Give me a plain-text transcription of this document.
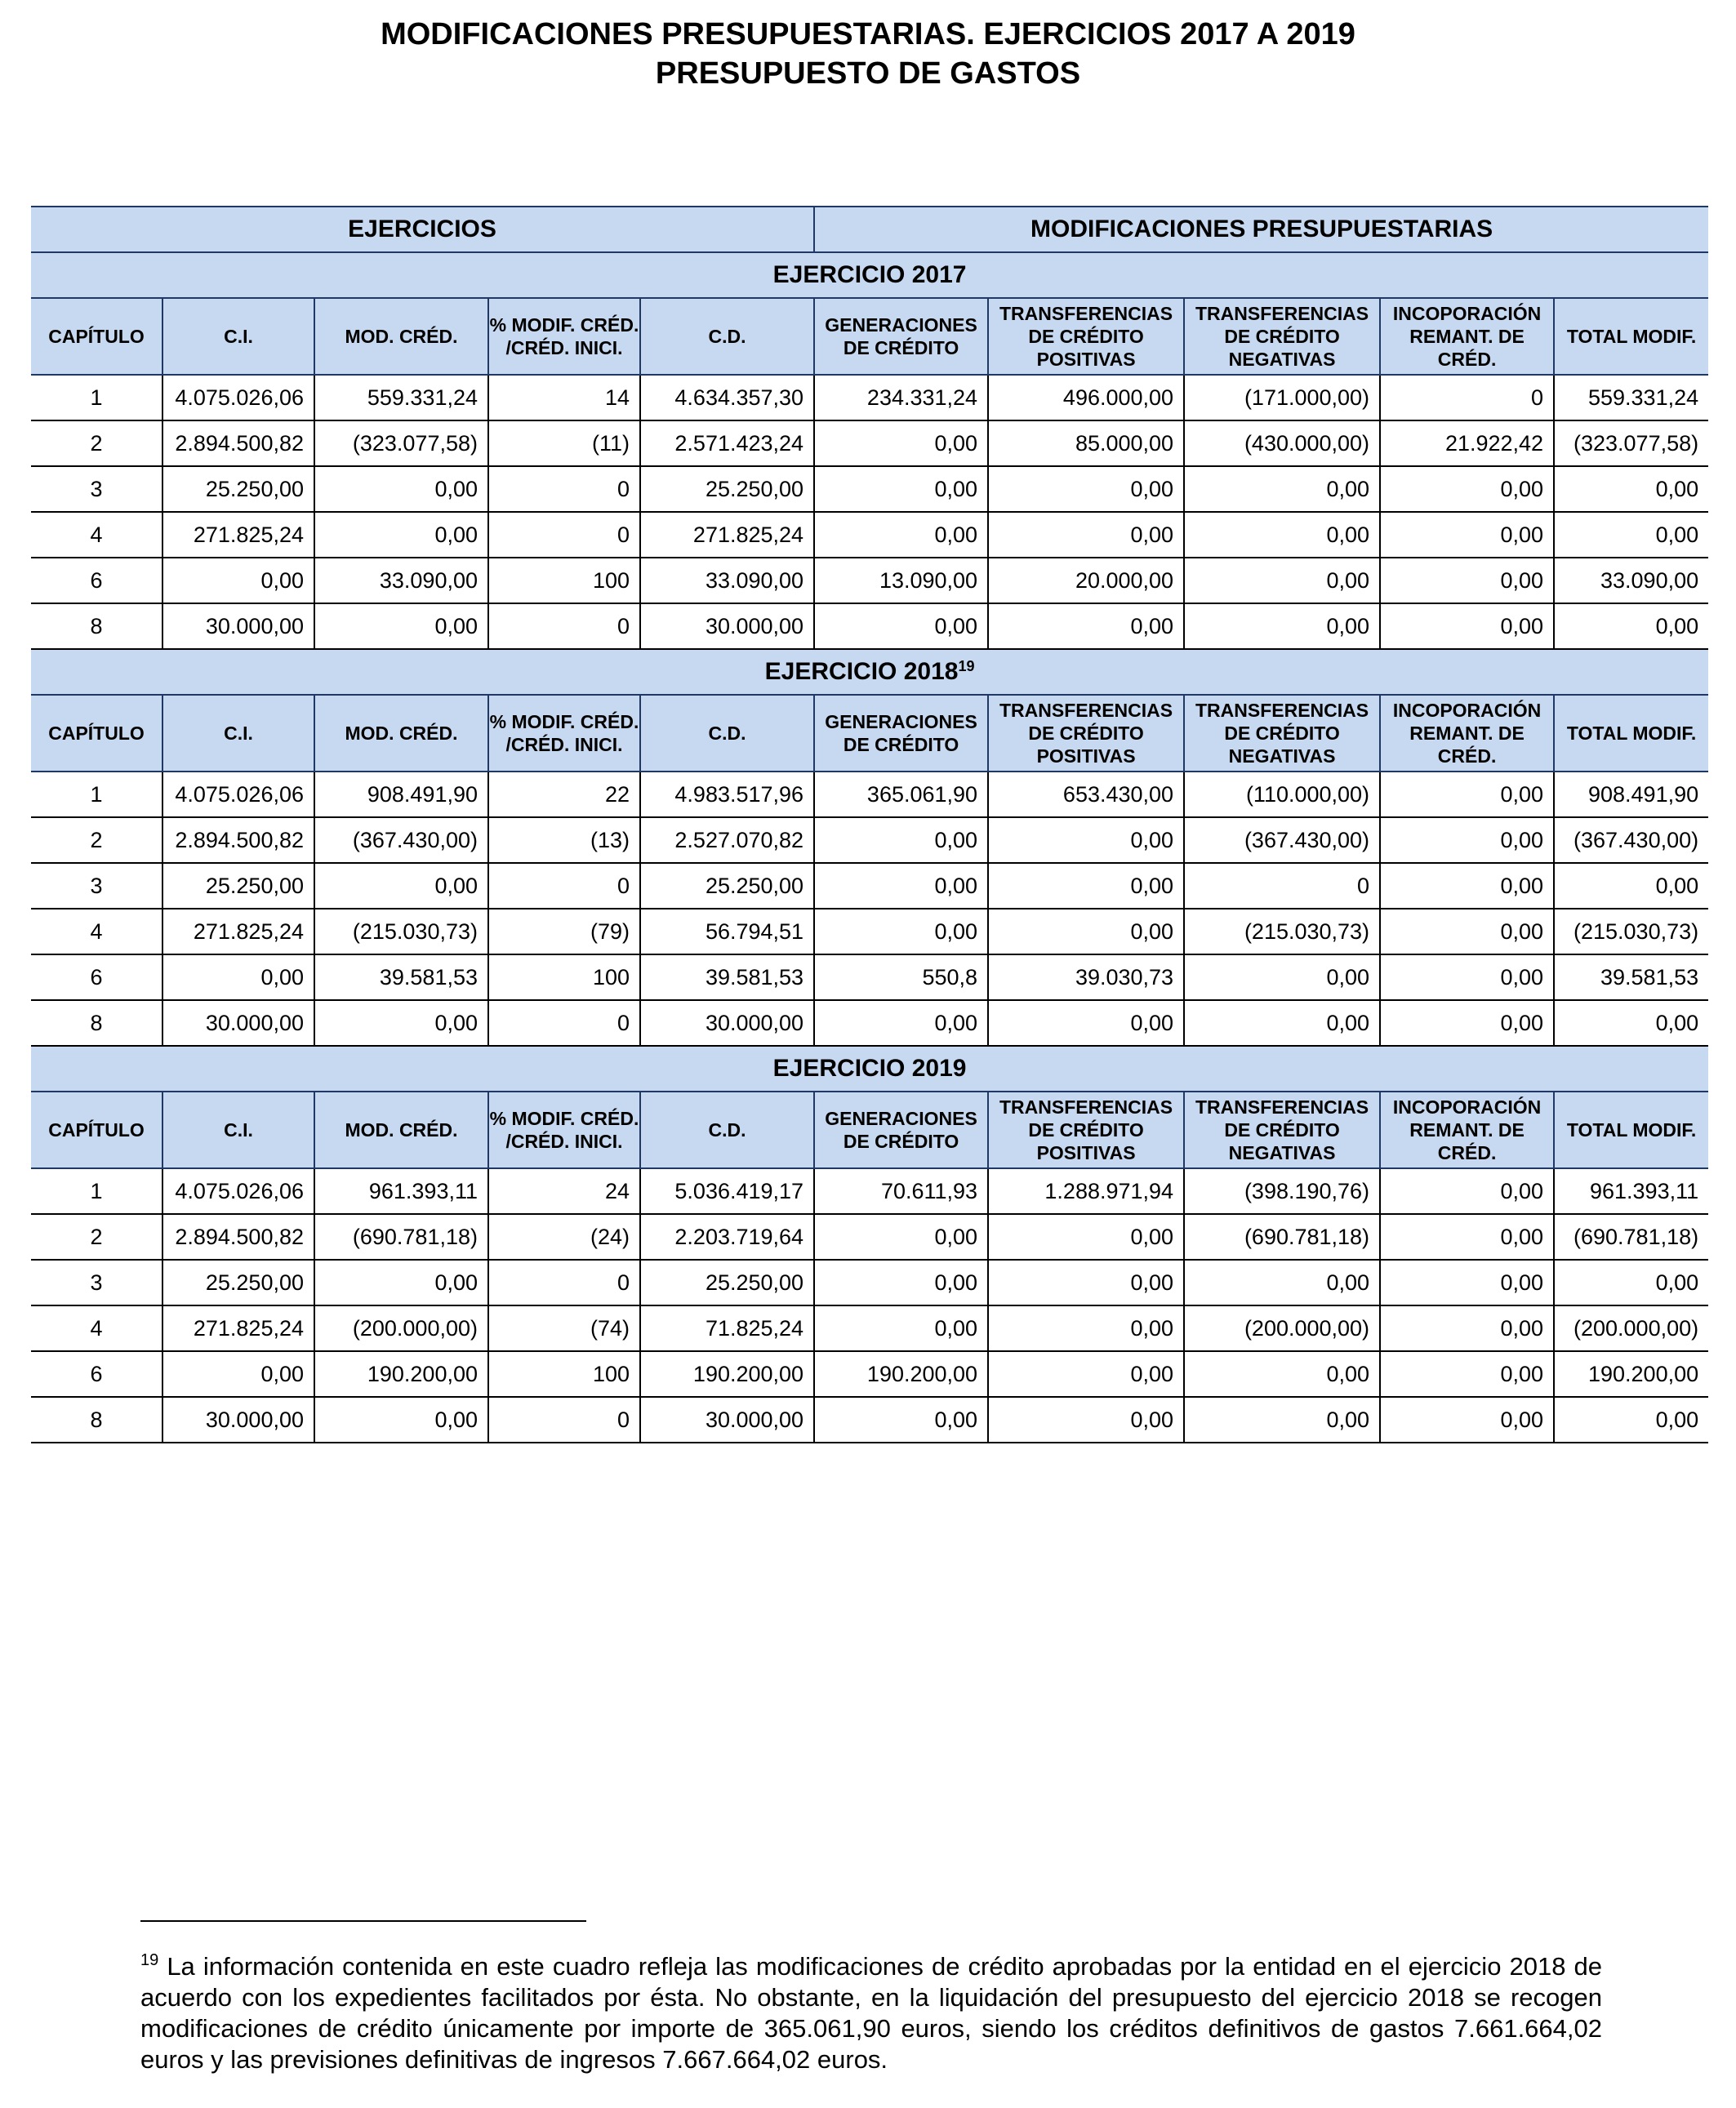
MODIFICACIONES PRESUPUESTARIAS. EJERCICIOS 2017 A 2019
PRESUPUESTO DE GASTOS
EJERCICIOS					MODIFICACIONES PRESUPUESTARIAS				
EJERCICIO 2017									
CAPÍTULO	C.I.	MOD. CRÉD.	% MODIF. CRÉD. /CRÉD. INICI.	C.D.	GENERACIONES DE CRÉDITO	TRANSFERENCIAS DE CRÉDITO POSITIVAS	TRANSFERENCIAS DE CRÉDITO NEGATIVAS	INCOPORACIÓN REMANT. DE CRÉD.	TOTAL MODIF.
1	4.075.026,06	559.331,24	14	4.634.357,30	234.331,24	496.000,00	(171.000,00)	0	559.331,24
2	2.894.500,82	(323.077,58)	(11)	2.571.423,24	0,00	85.000,00	(430.000,00)	21.922,42	(323.077,58)
3	25.250,00	0,00	0	25.250,00	0,00	0,00	0,00	0,00	0,00
4	271.825,24	0,00	0	271.825,24	0,00	0,00	0,00	0,00	0,00
6	0,00	33.090,00	100	33.090,00	13.090,00	20.000,00	0,00	0,00	33.090,00
8	30.000,00	0,00	0	30.000,00	0,00	0,00	0,00	0,00	0,00
EJERCICIO 2018$^{19}$
CAPÍTULO	C.I.	MOD. CRÉD.	% MODIF. CRÉD. /CRÉD. INICI.	C.D.	GENERACIONES DE CRÉDITO	TRANSFERENCIAS DE CRÉDITO POSITIVAS	TRANSFERENCIAS DE CRÉDITO NEGATIVAS	INCOPORACIÓN REMANT. DE CRÉD.	TOTAL MODIF.
1	4.075.026,06	908.491,90	22	4.983.517,96	365.061,90	653.430,00	(110.000,00)	0,00	908.491,90
2	2.894.500,82	(367.430,00)	(13)	2.527.070,82	0,00	0,00	(367.430,00)	0,00	(367.430,00)
3	25.250,00	0,00	0	25.250,00	0,00	0,00	0	0,00	0,00
4	271.825,24	(215.030,73)	(79)	56.794,51	0,00	0,00	(215.030,73)	0,00	(215.030,73)
6	0,00	39.581,53	100	39.581,53	550,8	39.030,73	0,00	0,00	39.581,53
8	30.000,00	0,00	0	30.000,00	0,00	0,00	0,00	0,00	0,00
EJERCICIO 2019									
CAPÍTULO	C.I.	MOD. CRÉD.	% MODIF. CRÉD. /CRÉD. INICI.	C.D.	GENERACIONES DE CRÉDITO	TRANSFERENCIAS DE CRÉDITO POSITIVAS	TRANSFERENCIAS DE CRÉDITO NEGATIVAS	INCOPORACIÓN REMANT. DE CRÉD.	TOTAL MODIF.
1	4.075.026,06	961.393,11	24	5.036.419,17	70.611,93	1.288.971,94	(398.190,76)	0,00	961.393,11
2	2.894.500,82	(690.781,18)	(24)	2.203.719,64	0,00	0,00	(690.781,18)	0,00	(690.781,18)
3	25.250,00	0,00	0	25.250,00	0,00	0,00	0,00	0,00	0,00
4	271.825,24	(200.000,00)	(74)	71.825,24	0,00	0,00	(200.000,00)	0,00	(200.000,00)
6	0,00	190.200,00	100	190.200,00	190.200,00	0,00	0,00	0,00	190.200,00
8	30.000,00	0,00	0	30.000,00	0,00	0,00	0,00	0,00	0,00
$^{19}$ La información contenida en este cuadro refleja las modificaciones de crédito aprobadas por la entidad en el ejercicio 2018 de acuerdo con los expedientes facilitados por ésta. No obstante, en la liquidación del presupuesto del ejercicio 2018 se recogen modificaciones de crédito únicamente por importe de 365.061,90 euros, siendo los créditos definitivos de gastos 7.661.664,02 euros y las previsiones definitivas de ingresos 7.667.664,02 euros.
